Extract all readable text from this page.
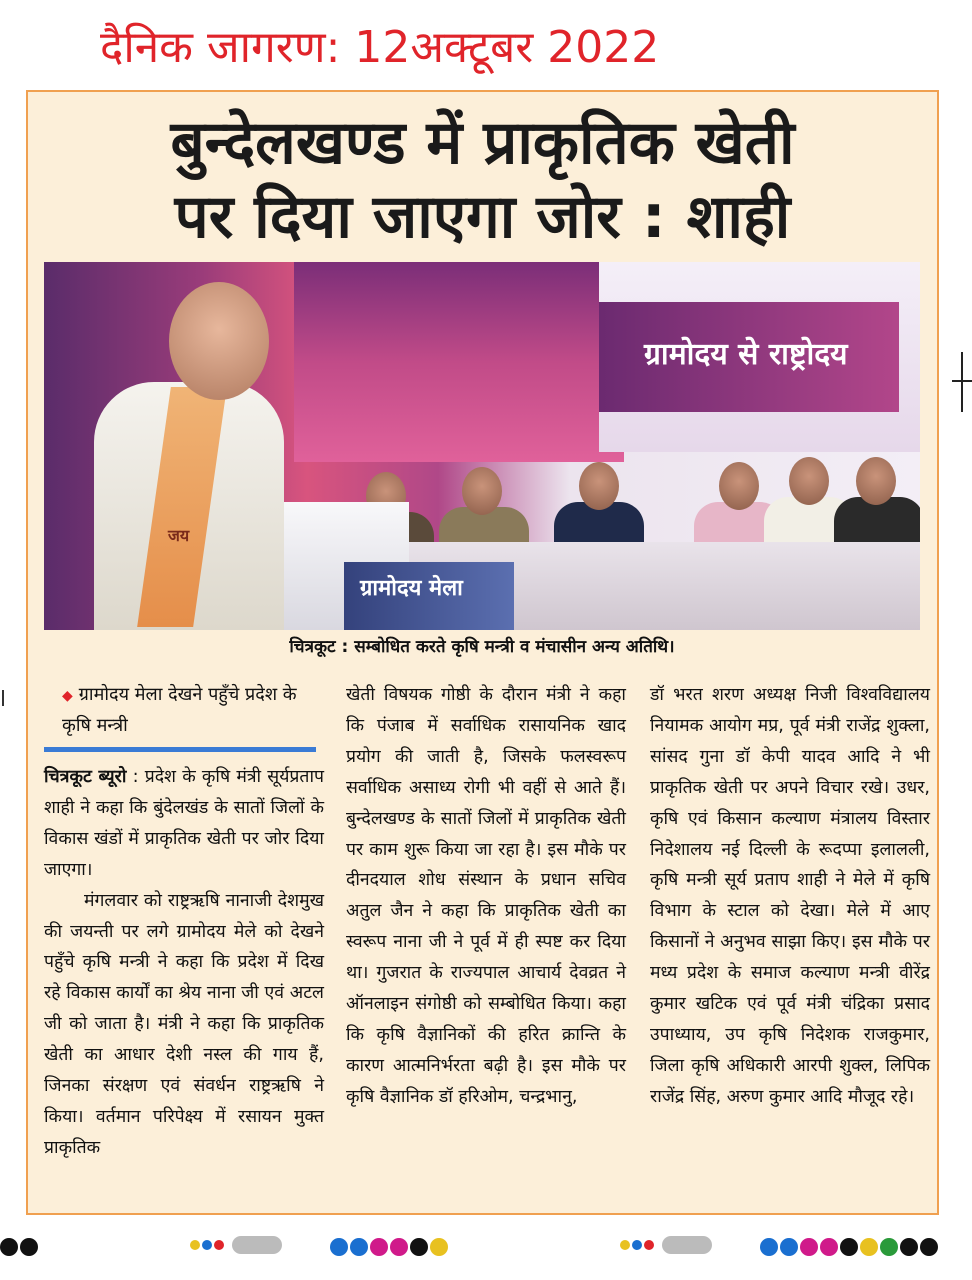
दैनिक जागरण: 12अक्टूबर 2022
बुन्देलखण्ड में प्राकृतिक खेती
पर दिया जाएगा जोर : शाही
ग्रामोदय से राष्ट्रोदय
ग्रामोदय मेला
जय
चित्रकूट : सम्बोधित करते कृषि मन्त्री व मंचासीन अन्य अतिथि।
◆ ग्रामोदय मेला देखने पहुँचे प्रदेश के कृषि मन्त्री

चित्रकूट ब्यूरो : प्रदेश के कृषि मंत्री सूर्यप्रताप शाही ने कहा कि बुंदेलखंड के सातों जिलों के विकास खंडों में प्राकृतिक खेती पर जोर दिया जाएगा।

मंगलवार को राष्ट्रऋषि नानाजी देशमुख की जयन्ती पर लगे ग्रामोदय मेले को देखने पहुँचे कृषि मन्त्री ने कहा कि प्रदेश में दिख रहे विकास कार्यों का श्रेय नाना जी एवं अटल जी को जाता है। मंत्री ने कहा कि प्राकृतिक खेती का आधार देशी नस्ल की गाय हैं, जिनका संरक्षण एवं संवर्धन राष्ट्रऋषि ने किया। वर्तमान परिपेक्ष्य में रसायन मुक्त प्राकृतिक

खेती विषयक गोष्ठी के दौरान मंत्री ने कहा कि पंजाब में सर्वाधिक रासायनिक खाद प्रयोग की जाती है, जिसके फलस्वरूप सर्वाधिक असाध्य रोगी भी वहीं से आते हैं। बुन्देलखण्ड के सातों जिलों में प्राकृतिक खेती पर काम शुरू किया जा रहा है। इस मौके पर दीनदयाल शोध संस्थान के प्रधान सचिव अतुल जैन ने कहा कि प्राकृतिक खेती का स्वरूप नाना जी ने पूर्व में ही स्पष्ट कर दिया था। गुजरात के राज्यपाल आचार्य देवव्रत ने ऑनलाइन संगोष्ठी को सम्बोधित किया। कहा कि कृषि वैज्ञानिकों की हरित क्रान्ति के कारण आत्मनिर्भरता बढ़ी है। इस मौके पर कृषि वैज्ञानिक डॉ हरिओम, चन्द्रभानु,

डॉ भरत शरण अध्यक्ष निजी विश्वविद्यालय नियामक आयोग मप्र, पूर्व मंत्री राजेंद्र शुक्ला, सांसद गुना डॉ केपी यादव आदि ने भी प्राकृतिक खेती पर अपने विचार रखे। उधर, कृषि एवं किसान कल्याण मंत्रालय विस्तार निदेशालय नई दिल्ली के रूदप्पा इलालली, कृषि मन्त्री सूर्य प्रताप शाही ने मेले में कृषि विभाग के स्टाल को देखा। मेले में आए किसानों ने अनुभव साझा किए। इस मौके पर मध्य प्रदेश के समाज कल्याण मन्त्री वीरेंद्र कुमार खटिक एवं पूर्व मंत्री चंद्रिका प्रसाद उपाध्याय, उप कृषि निदेशक राजकुमार, जिला कृषि अधिकारी आरपी शुक्ल, लिपिक राजेंद्र सिंह, अरुण कुमार आदि मौजूद रहे।
